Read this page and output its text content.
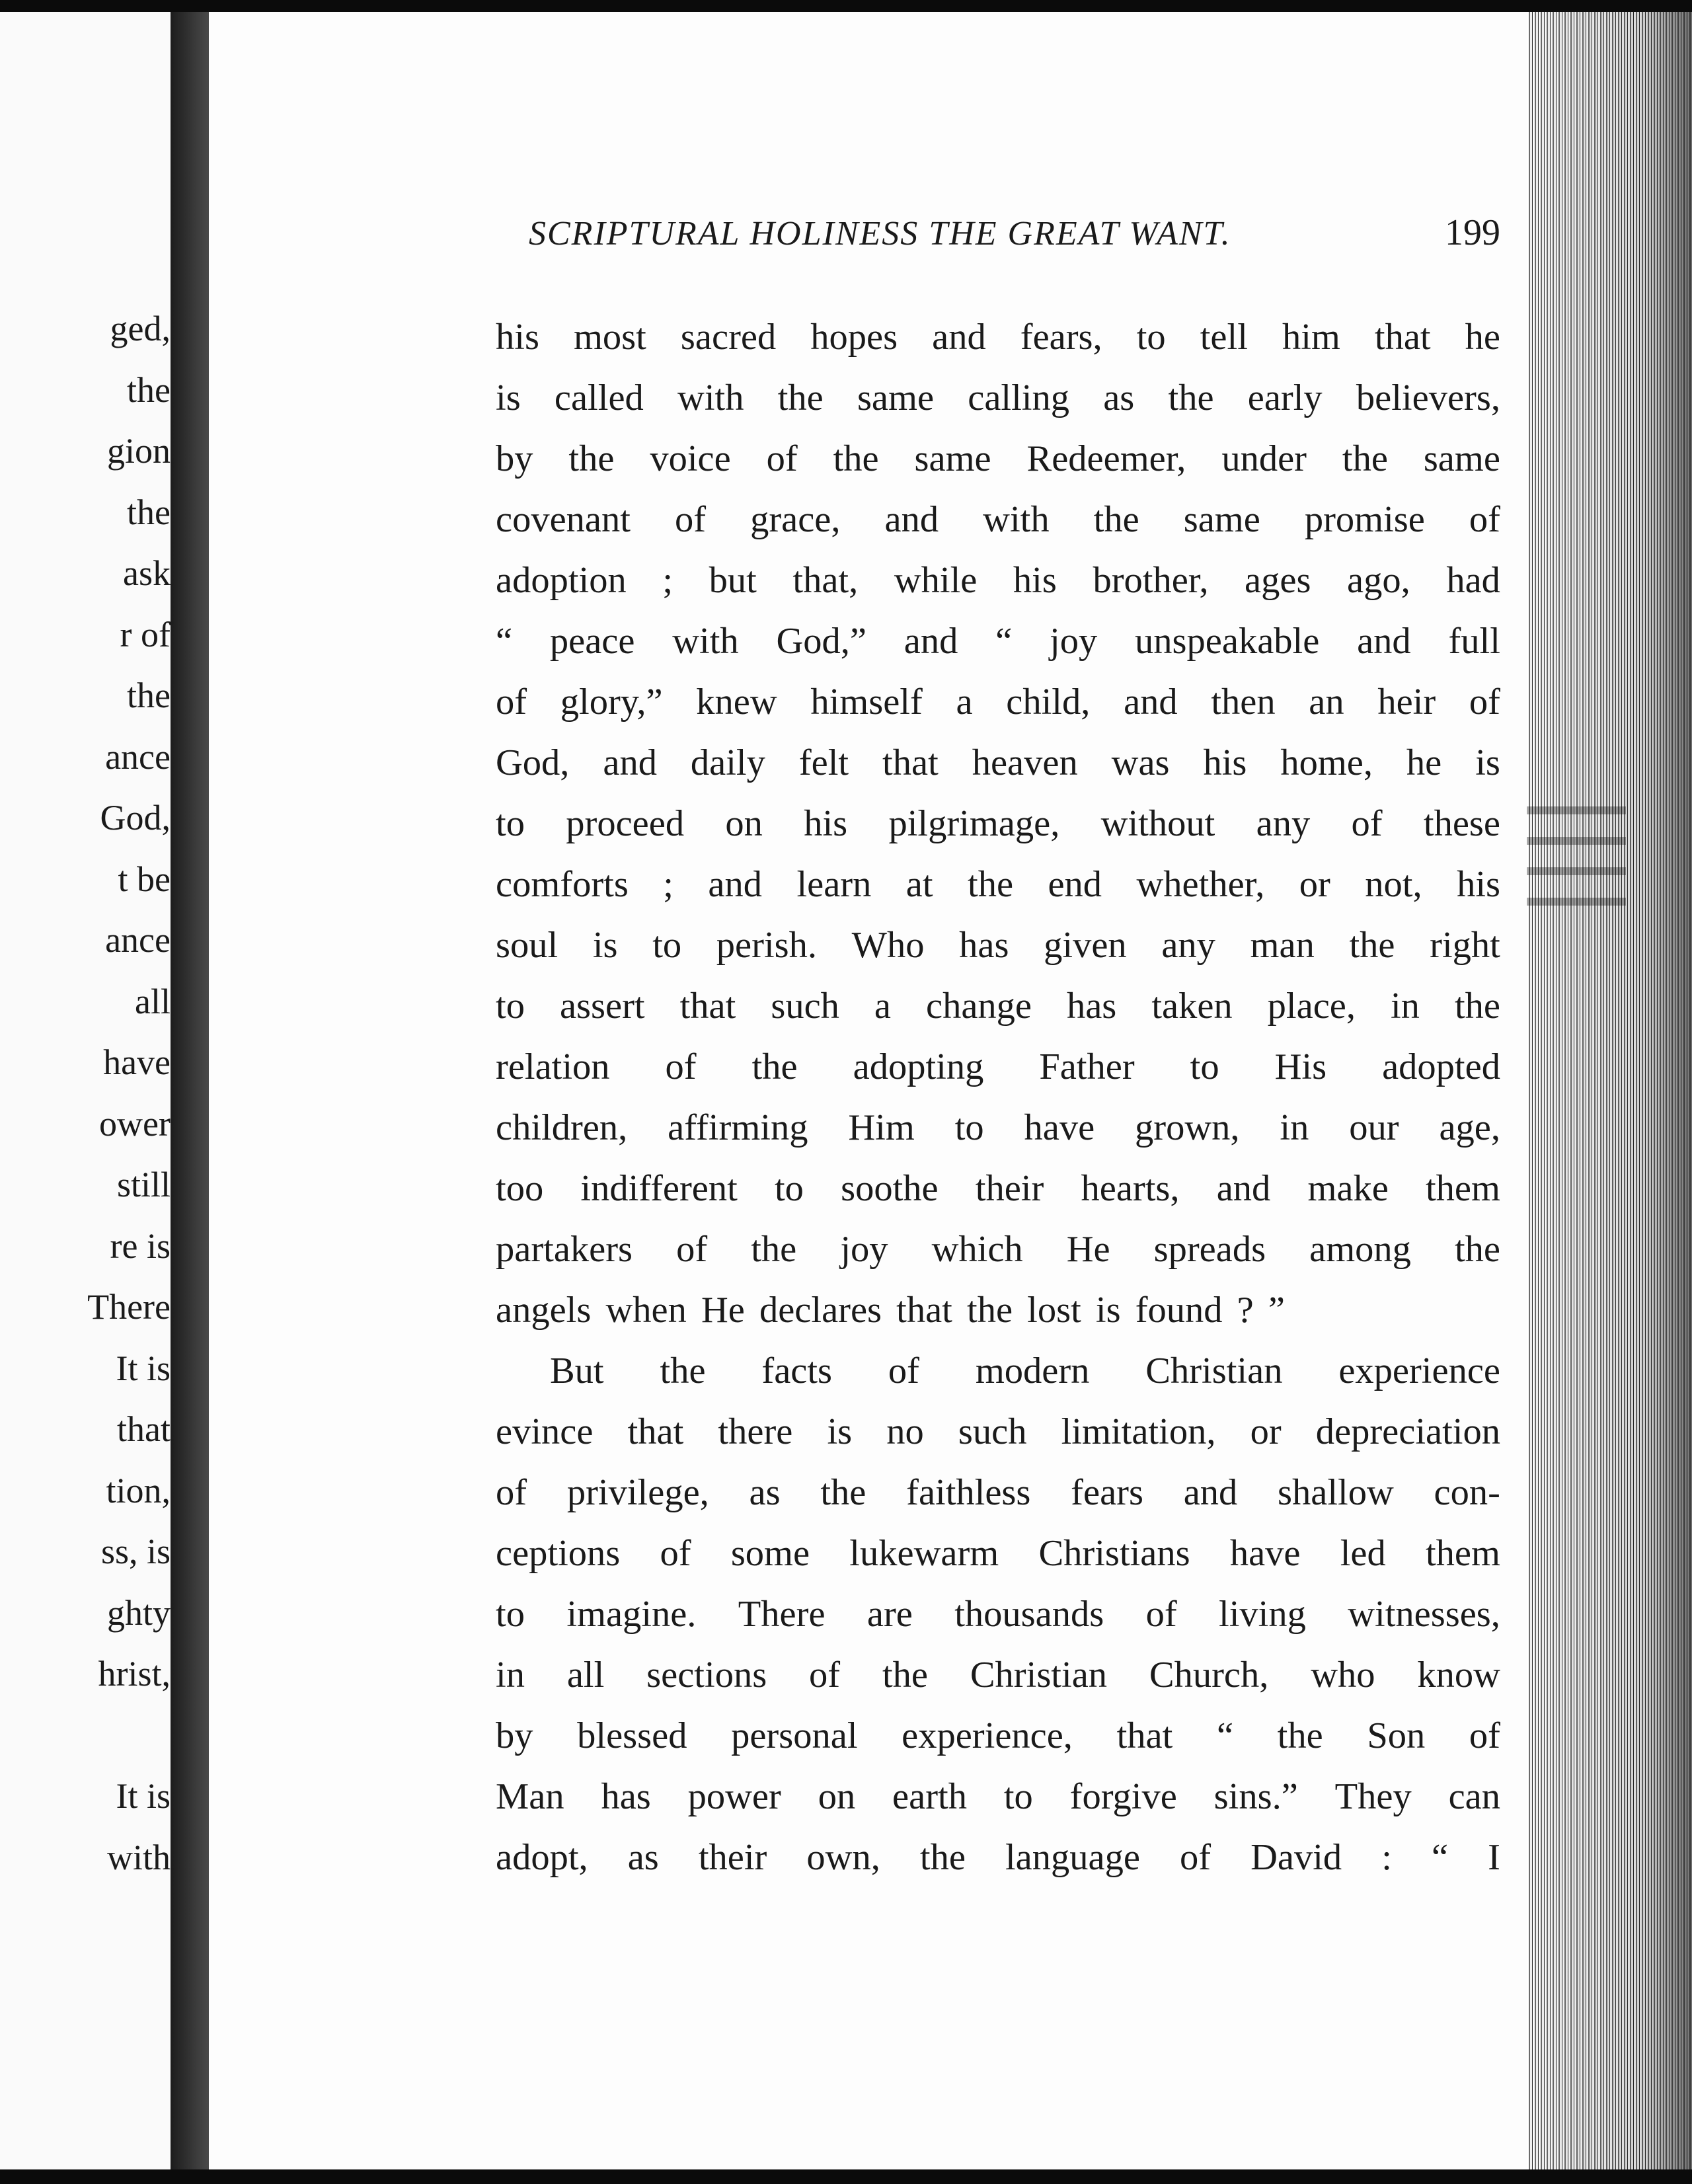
ged,
the
gion
the
ask
r of
the
ance
God,
t be
ance
all
have
ower
still
re is
There
It is
that
tion,
ss, is
ghty
hrist,
It is
with
SCRIPTURAL HOLINESS THE GREAT WANT.	199
his most sacred hopes and fears, to tell him that he
is called with the same calling as the early believers,
by the voice of the same Redeemer, under the same
covenant of grace, and with the same promise of
adoption ; but that, while his brother, ages ago, had
“ peace with God,” and “ joy unspeakable and full
of glory,” knew himself a child, and then an heir of
God, and daily felt that heaven was his home, he is
to proceed on his pilgrimage, without any of these
comforts ; and learn at the end whether, or not, his
soul is to perish. Who has given any man the right
to assert that such a change has taken place, in the
relation of the adopting Father to His adopted
children, affirming Him to have grown, in our age,
too indifferent to soothe their hearts, and make them
partakers of the joy which He spreads among the
angels when He declares that the lost is found ? ”
But the facts of modern Christian experience
evince that there is no such limitation, or depreciation
of privilege, as the faithless fears and shallow con-
ceptions of some lukewarm Christians have led them
to imagine. There are thousands of living witnesses,
in all sections of the Christian Church, who know
by blessed personal experience, that “ the Son of
Man has power on earth to forgive sins.” They can
adopt, as their own, the language of David : “ I
